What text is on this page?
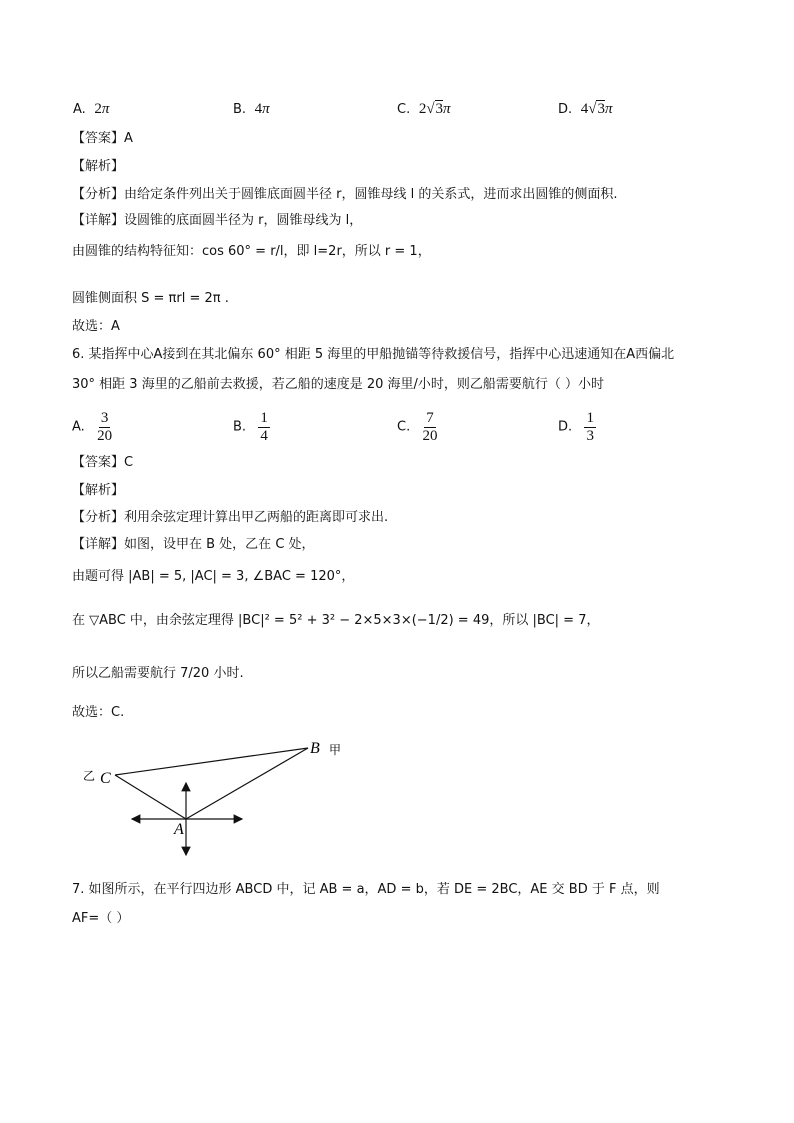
A. 2π	B. 4π	C. 2√3π	D. 4√3π
【答案】A
【解析】
【分析】由给定条件列出关于圆锥底面圆半径 r，圆锥母线 l 的关系式，进而求出圆锥的侧面积.
【详解】设圆锥的底面圆半径为 r，圆锥母线为 l，
由圆锥的结构特征知：cos 60° = r/l，即 l=2r，所以 r = 1，
圆锥侧面积 S = πrl = 2π .
故选：A
6. 某指挥中心A接到在其北偏东 60° 相距 5 海里的甲船抛锚等待救援信号，指挥中心迅速通知在A西偏北
30° 相距 3 海里的乙船前去救援，若乙船的速度是 20 海里/小时，则乙船需要航行（ ）小时
A. $\frac{3}{20}$	B. $\frac{1}{4}$	C. $\frac{7}{20}$	D. $\frac{1}{3}$
【答案】C
【解析】
【分析】利用余弦定理计算出甲乙两船的距离即可求出.
【详解】如图，设甲在 B 处，乙在 C 处，
由题可得 |AB| = 5, |AC| = 3, ∠BAC = 120°，
在 ▽ABC 中，由余弦定理得 |BC|² = 5² + 3² − 2×5×3×(−1/2) = 49，所以 |BC| = 7，
所以乙船需要航行 7/20 小时.
故选：C.
B 甲
C
乙
A
7. 如图所示，在平行四边形 ABCD 中，记 AB = a，AD = b，若 DE = 2BC，AE 交 BD 于 F 点，则
AF=（ ）
